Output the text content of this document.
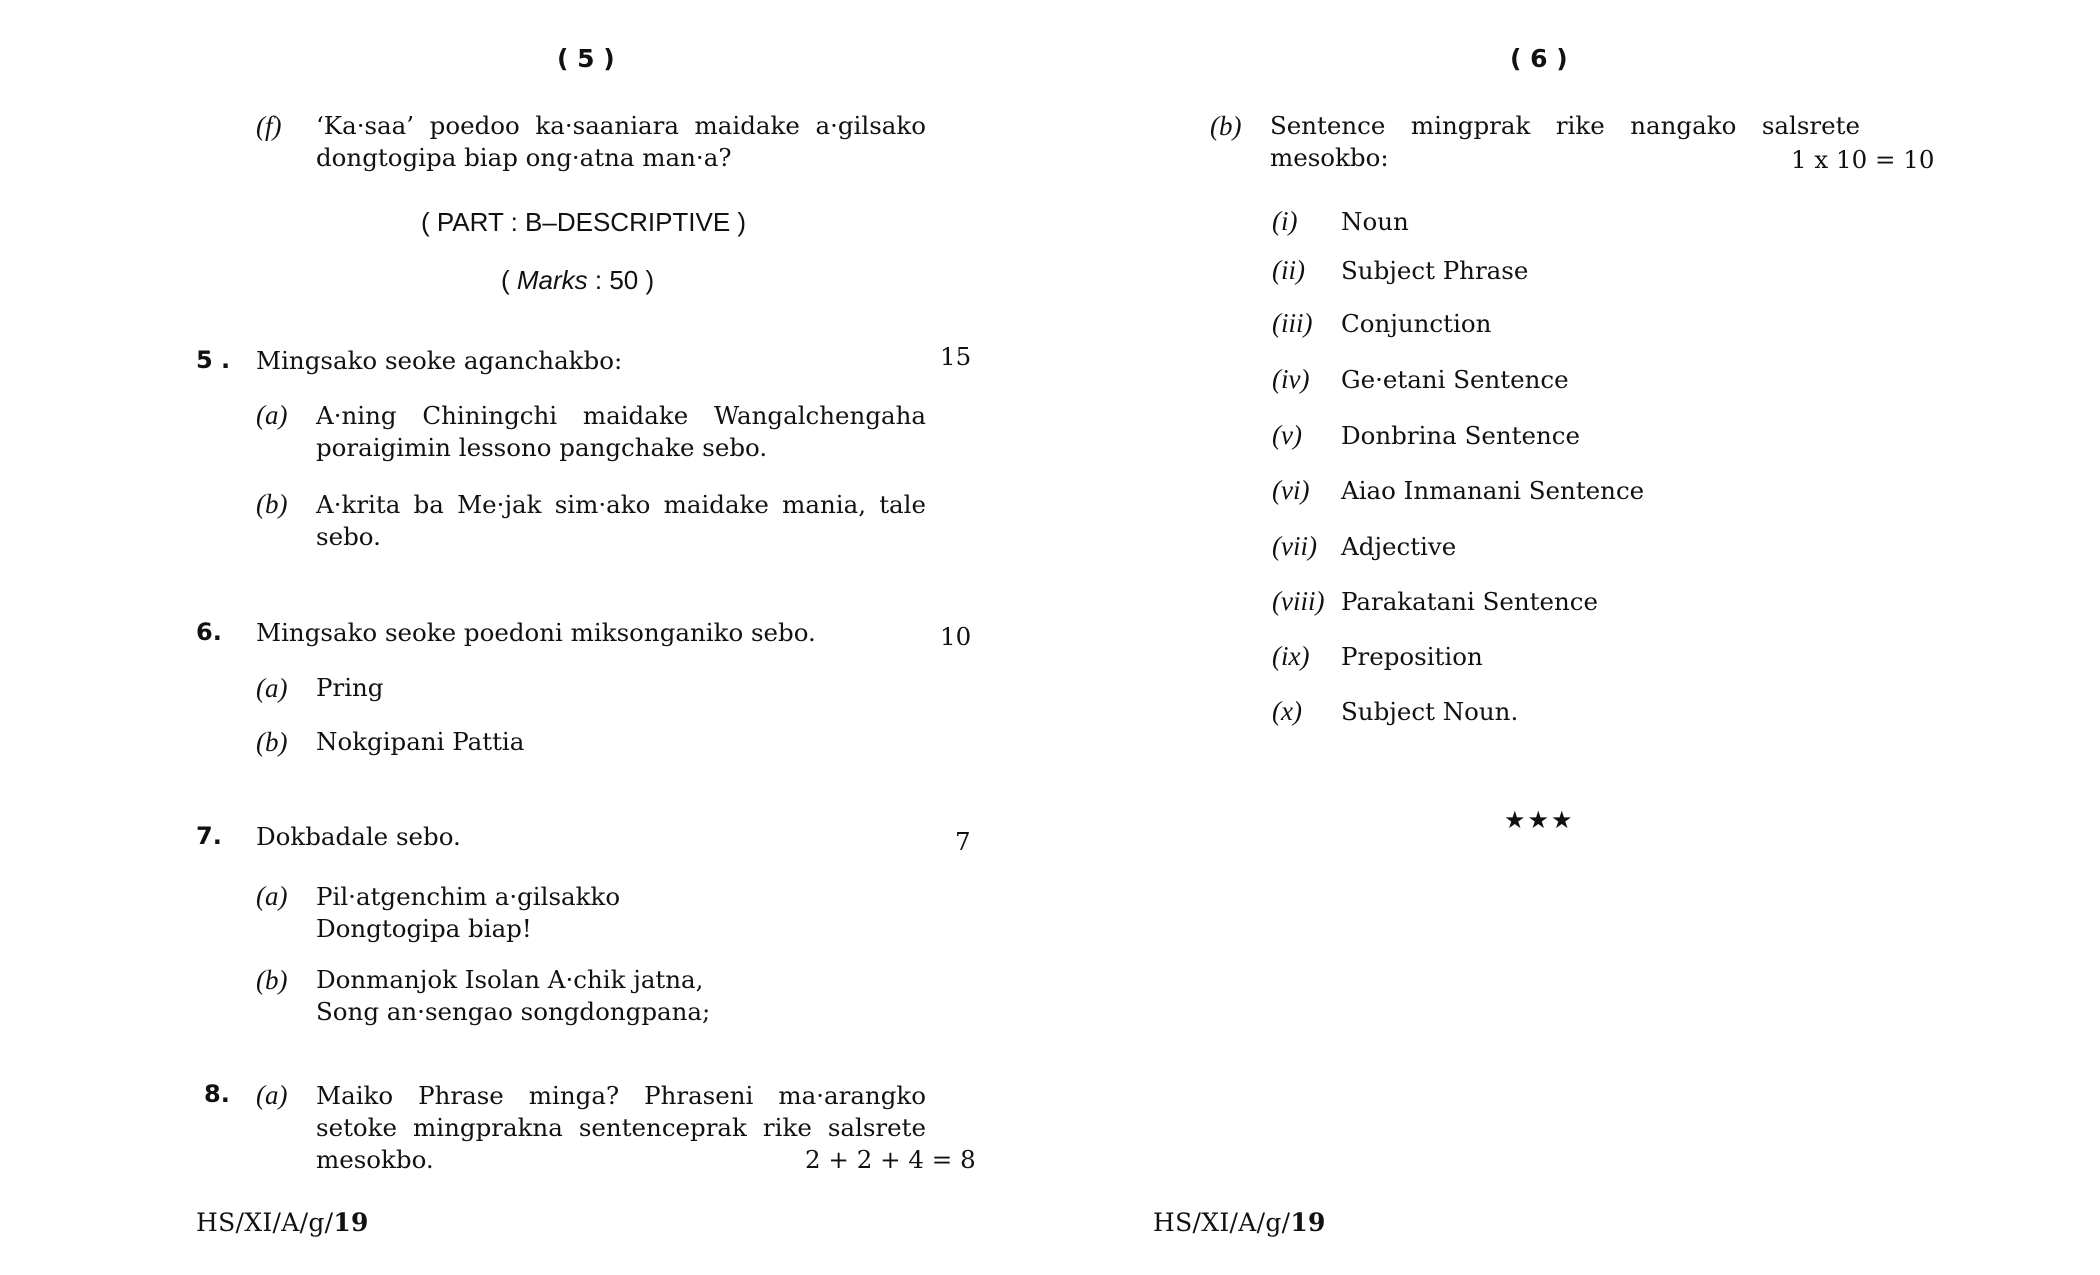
( 5 )
(f) ‘Ka·saa’ poedoo ka·saaniara maidake a·gilsako
dongtogipa biap ong·atna man·a?
( PART : B–DESCRIPTIVE )
( Marks : 50 )
5 . Mingsako seoke aganchakbo:	15
(a) A·ning Chiningchi maidake Wangalchengaha
poraigimin lessono pangchake sebo.
(b) A·krita ba Me·jak sim·ako maidake mania, tale
sebo.
6. Mingsako seoke poedoni miksonganiko sebo.	10
(a) Pring
(b) Nokgipani Pattia
7. Dokbadale sebo.	7
(a) Pil·atgenchim a·gilsakko
Dongtogipa biap!
(b) Donmanjok Isolan A·chik jatna,
Song an·sengao songdongpana;
8. (a) Maiko Phrase minga? Phraseni ma·arangko
setoke mingprakna sentenceprak rike salsrete
mesokbo.	2 + 2 + 4 = 8
HS/XI/A/g/19
( 6 )
(b) Sentence mingprak rike nangako salsrete
mesokbo:	1 x 10 = 10
(i) Noun
(ii) Subject Phrase
(iii) Conjunction
(iv) Ge·etani Sentence
(v) Donbrina Sentence
(vi) Aiao Inmanani Sentence
(vii) Adjective
(viii) Parakatani Sentence
(ix) Preposition
(x) Subject Noun.
★★★
HS/XI/A/g/19
